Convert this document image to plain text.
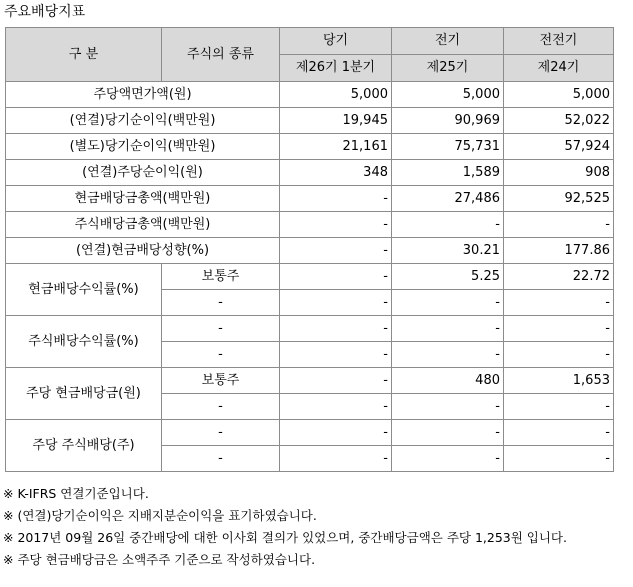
주요배당지표
구 분	주식의 종류	당기	전기	전전기
		제26기 1분기	제25기	제24기
주당액면가액(원)		5,000	5,000	5,000
(연결)당기순이익(백만원)		19,945	90,969	52,022
(별도)당기순이익(백만원)		21,161	75,731	57,924
(연결)주당순이익(원)		348	1,589	908
현금배당금총액(백만원)		-	27,486	92,525
주식배당금총액(백만원)		-	-	-
(연결)현금배당성향(%)		-	30.21	177.86
현금배당수익률(%)	보통주	-	5.25	22.72
	-	-	-	-
주식배당수익률(%)	-	-	-	-
	-	-	-	-
주당 현금배당금(원)	보통주	-	480	1,653
	-	-	-	-
주당 주식배당(주)	-	-	-	-
	-	-	-	-
※ K-IFRS 연결기준입니다.
※ (연결)당기순이익은 지배지분순이익을 표기하였습니다.
※ 2017년 09월 26일 중간배당에 대한 이사회 결의가 있었으며, 중간배당금액은 주당 1,253원 입니다.
※ 주당 현금배당금은 소액주주 기준으로 작성하였습니다.
